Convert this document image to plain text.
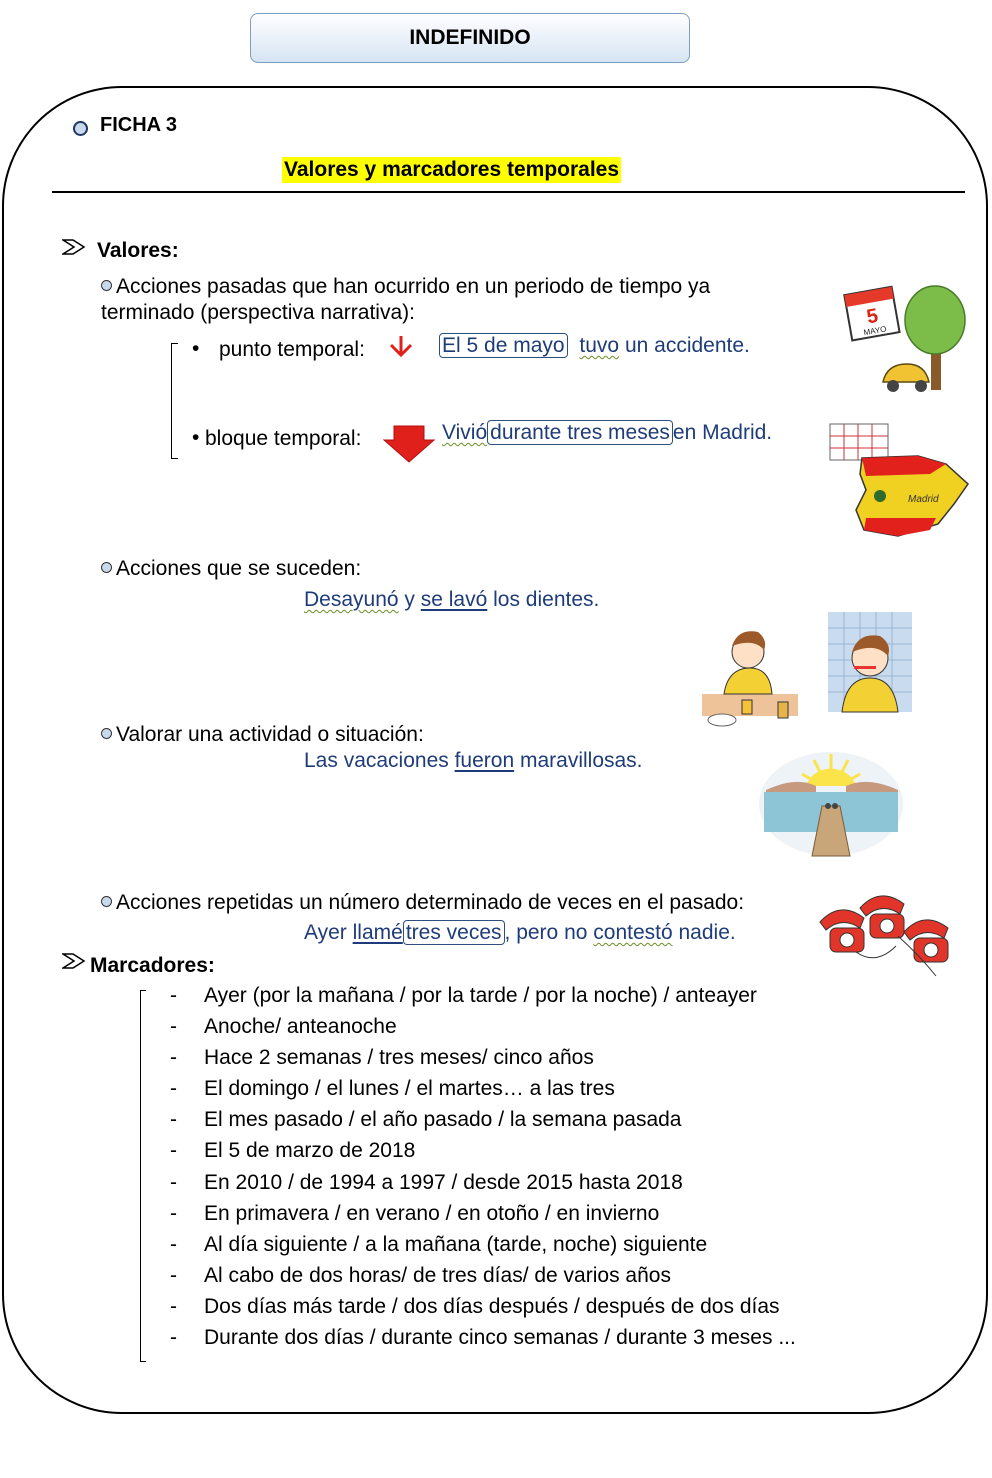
INDEFINIDO
FICHA 3
Valores y marcadores temporales
Valores:
Acciones pasadas que han ocurrido en un periodo de tiempo ya
terminado (perspectiva narrativa):
• punto temporal:	El 5 de mayo tuvo un accidente.
• bloque temporal:	Vivió durante tres meses en Madrid.
Acciones que se suceden:
Desayunó y se lavó los dientes.
Valorar una actividad o situación:
Las vacaciones fueron maravillosas.
Acciones repetidas un número determinado de veces en el pasado:
Ayer llamé tres veces , pero no contestó nadie.
Marcadores:
- Ayer (por la mañana / por la tarde / por la noche) / anteayer
- Anoche/ anteanoche
- Hace 2 semanas / tres meses/ cinco años
- El domingo / el lunes / el martes… a las tres
- El mes pasado / el año pasado / la semana pasada
- El 5 de marzo de 2018
- En 2010 / de 1994 a 1997 / desde 2015 hasta 2018
- En primavera / en verano / en otoño / en invierno
- Al día siguiente / a la mañana (tarde, noche) siguiente
- Al cabo de dos horas/ de tres días/ de varios años
- Dos días más tarde / dos días después / después de dos días
- Durante dos días / durante cinco semanas / durante 3 meses ...
5
MAYO
Madrid
